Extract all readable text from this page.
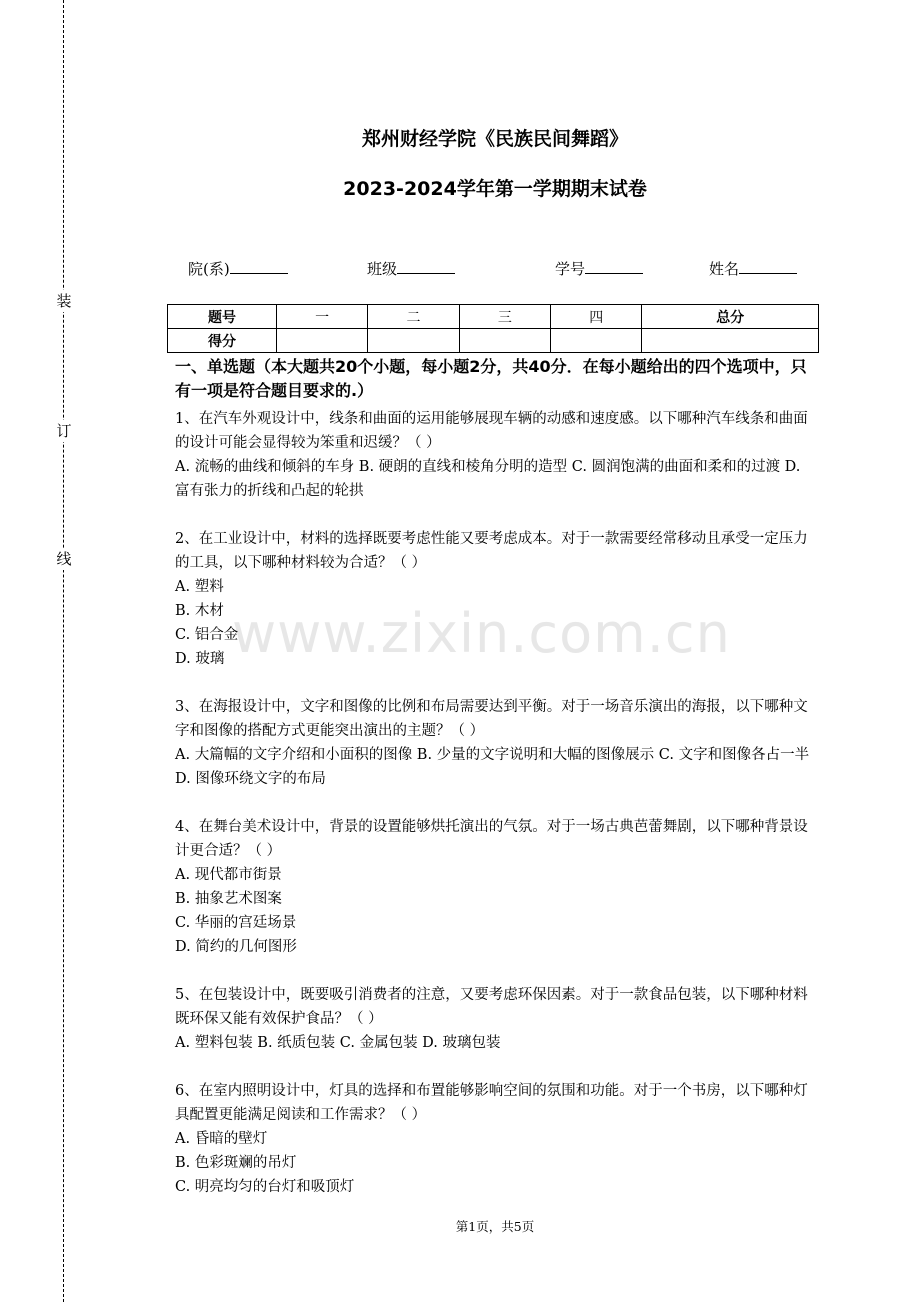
装
订
线
郑州财经学院《民族民间舞蹈》
2023-2024学年第一学期期末试卷
院(系)	班级	学号	姓名
题号	一	二	三	四	总分
得分					
一、单选题（本大题共20个小题，每小题2分，共40分．在每小题给出的四个选项中，只有一项是符合题目要求的.）

1、在汽车外观设计中，线条和曲面的运用能够展现车辆的动感和速度感。以下哪种汽车线条和曲面的设计可能会显得较为笨重和迟缓？（ ）

A. 流畅的曲线和倾斜的车身 B. 硬朗的直线和棱角分明的造型 C. 圆润饱满的曲面和柔和的过渡 D. 富有张力的折线和凸起的轮拱

2、在工业设计中，材料的选择既要考虑性能又要考虑成本。对于一款需要经常移动且承受一定压力的工具，以下哪种材料较为合适？（ ）

A. 塑料

B. 木材

C. 铝合金

D. 玻璃

3、在海报设计中，文字和图像的比例和布局需要达到平衡。对于一场音乐演出的海报，以下哪种文字和图像的搭配方式更能突出演出的主题？（ ）

A. 大篇幅的文字介绍和小面积的图像 B. 少量的文字说明和大幅的图像展示 C. 文字和图像各占一半 D. 图像环绕文字的布局

4、在舞台美术设计中，背景的设置能够烘托演出的气氛。对于一场古典芭蕾舞剧，以下哪种背景设计更合适？（ ）

A. 现代都市街景

B. 抽象艺术图案

C. 华丽的宫廷场景

D. 简约的几何图形

5、在包装设计中，既要吸引消费者的注意，又要考虑环保因素。对于一款食品包装，以下哪种材料既环保又能有效保护食品？（ ）

A. 塑料包装 B. 纸质包装 C. 金属包装 D. 玻璃包装

6、在室内照明设计中，灯具的选择和布置能够影响空间的氛围和功能。对于一个书房，以下哪种灯具配置更能满足阅读和工作需求？（ ）

A. 昏暗的壁灯

B. 色彩斑斓的吊灯

C. 明亮均匀的台灯和吸顶灯

www.zixin.com.cn
第1页，共5页
